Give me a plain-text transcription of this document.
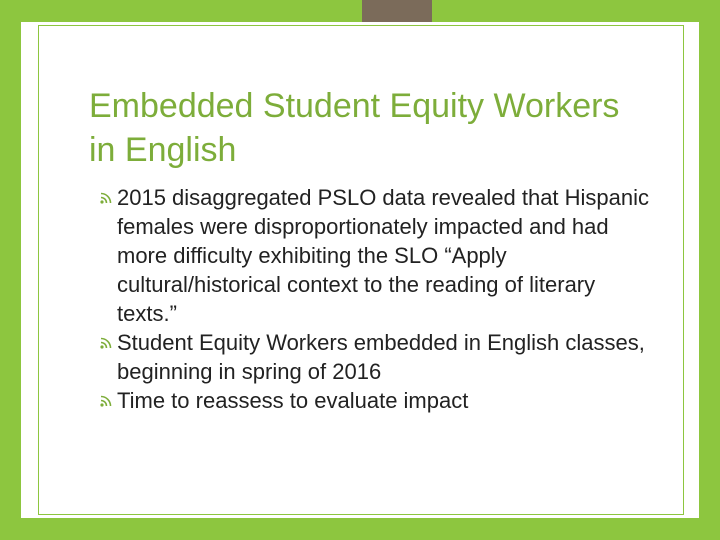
Embedded Student Equity Workers in English
2015 disaggregated PSLO data revealed that Hispanic females were disproportionately impacted and had more difficulty exhibiting the SLO “Apply cultural/historical context to the reading of literary texts.”
Student Equity Workers embedded in English classes, beginning in spring of 2016
Time to reassess to evaluate impact
